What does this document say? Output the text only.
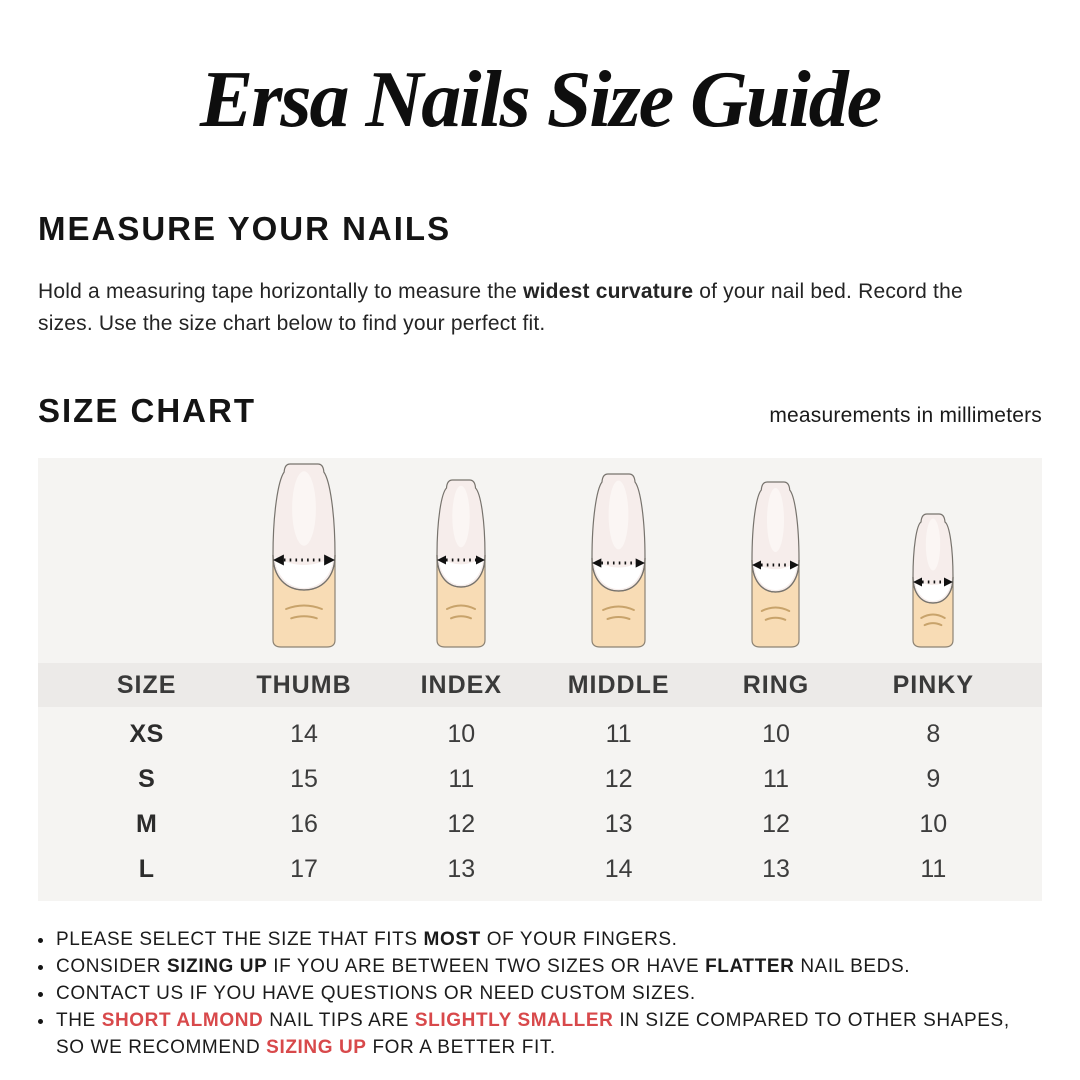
Ersa Nails Size Guide
MEASURE YOUR NAILS

Hold a measuring tape horizontally to measure the widest curvature of your nail bed. Record the sizes. Use the size chart below to find your perfect fit.

SIZE CHART	measurements in millimeters
SIZE	THUMB	INDEX	MIDDLE	RING	PINKY
XS	14	10	11	10	8
S	15	11	12	11	9
M	16	12	13	12	10
L	17	13	14	13	11
PLEASE SELECT THE SIZE THAT FITS MOST OF YOUR FINGERS.
CONSIDER SIZING UP IF YOU ARE BETWEEN TWO SIZES OR HAVE FLATTER NAIL BEDS.
CONTACT US IF YOU HAVE QUESTIONS OR NEED CUSTOM SIZES.
THE SHORT ALMOND NAIL TIPS ARE SLIGHTLY SMALLER IN SIZE COMPARED TO OTHER SHAPES, SO WE RECOMMEND SIZING UP FOR A BETTER FIT.
